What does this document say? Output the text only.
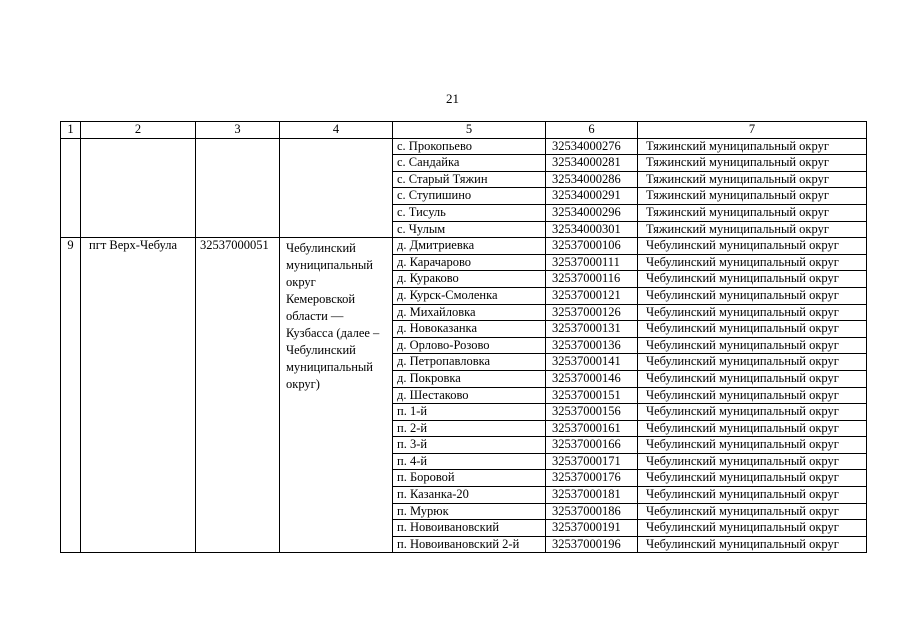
21
1	2	3	4	5	6	7
				с. Прокопьево	32534000276	Тяжинский муниципальный округ
				с. Сандайка	32534000281	Тяжинский муниципальный округ
				с. Старый Тяжин	32534000286	Тяжинский муниципальный округ
				с. Ступишино	32534000291	Тяжинский муниципальный округ
				с. Тисуль	32534000296	Тяжинский муниципальный округ
				с. Чулым	32534000301	Тяжинский муниципальный округ
9	пгт Верх-Чебула	32537000051	Чебулинский муниципальный округ Кемеровской области — Кузбасса (далее – Чебулинский муниципальный округ)	д. Дмитриевка	32537000106	Чебулинский муниципальный округ
				д. Карачарово	32537000111	Чебулинский муниципальный округ
				д. Кураково	32537000116	Чебулинский муниципальный округ
				д. Курск-Смоленка	32537000121	Чебулинский муниципальный округ
				д. Михайловка	32537000126	Чебулинский муниципальный округ
				д. Новоказанка	32537000131	Чебулинский муниципальный округ
				д. Орлово-Розово	32537000136	Чебулинский муниципальный округ
				д. Петропавловка	32537000141	Чебулинский муниципальный округ
				д. Покровка	32537000146	Чебулинский муниципальный округ
				д. Шестаково	32537000151	Чебулинский муниципальный округ
				п. 1-й	32537000156	Чебулинский муниципальный округ
				п. 2-й	32537000161	Чебулинский муниципальный округ
				п. 3-й	32537000166	Чебулинский муниципальный округ
				п. 4-й	32537000171	Чебулинский муниципальный округ
				п. Боровой	32537000176	Чебулинский муниципальный округ
				п. Казанка-20	32537000181	Чебулинский муниципальный округ
				п. Мурюк	32537000186	Чебулинский муниципальный округ
				п. Новоивановский	32537000191	Чебулинский муниципальный округ
				п. Новоивановский 2-й	32537000196	Чебулинский муниципальный округ
